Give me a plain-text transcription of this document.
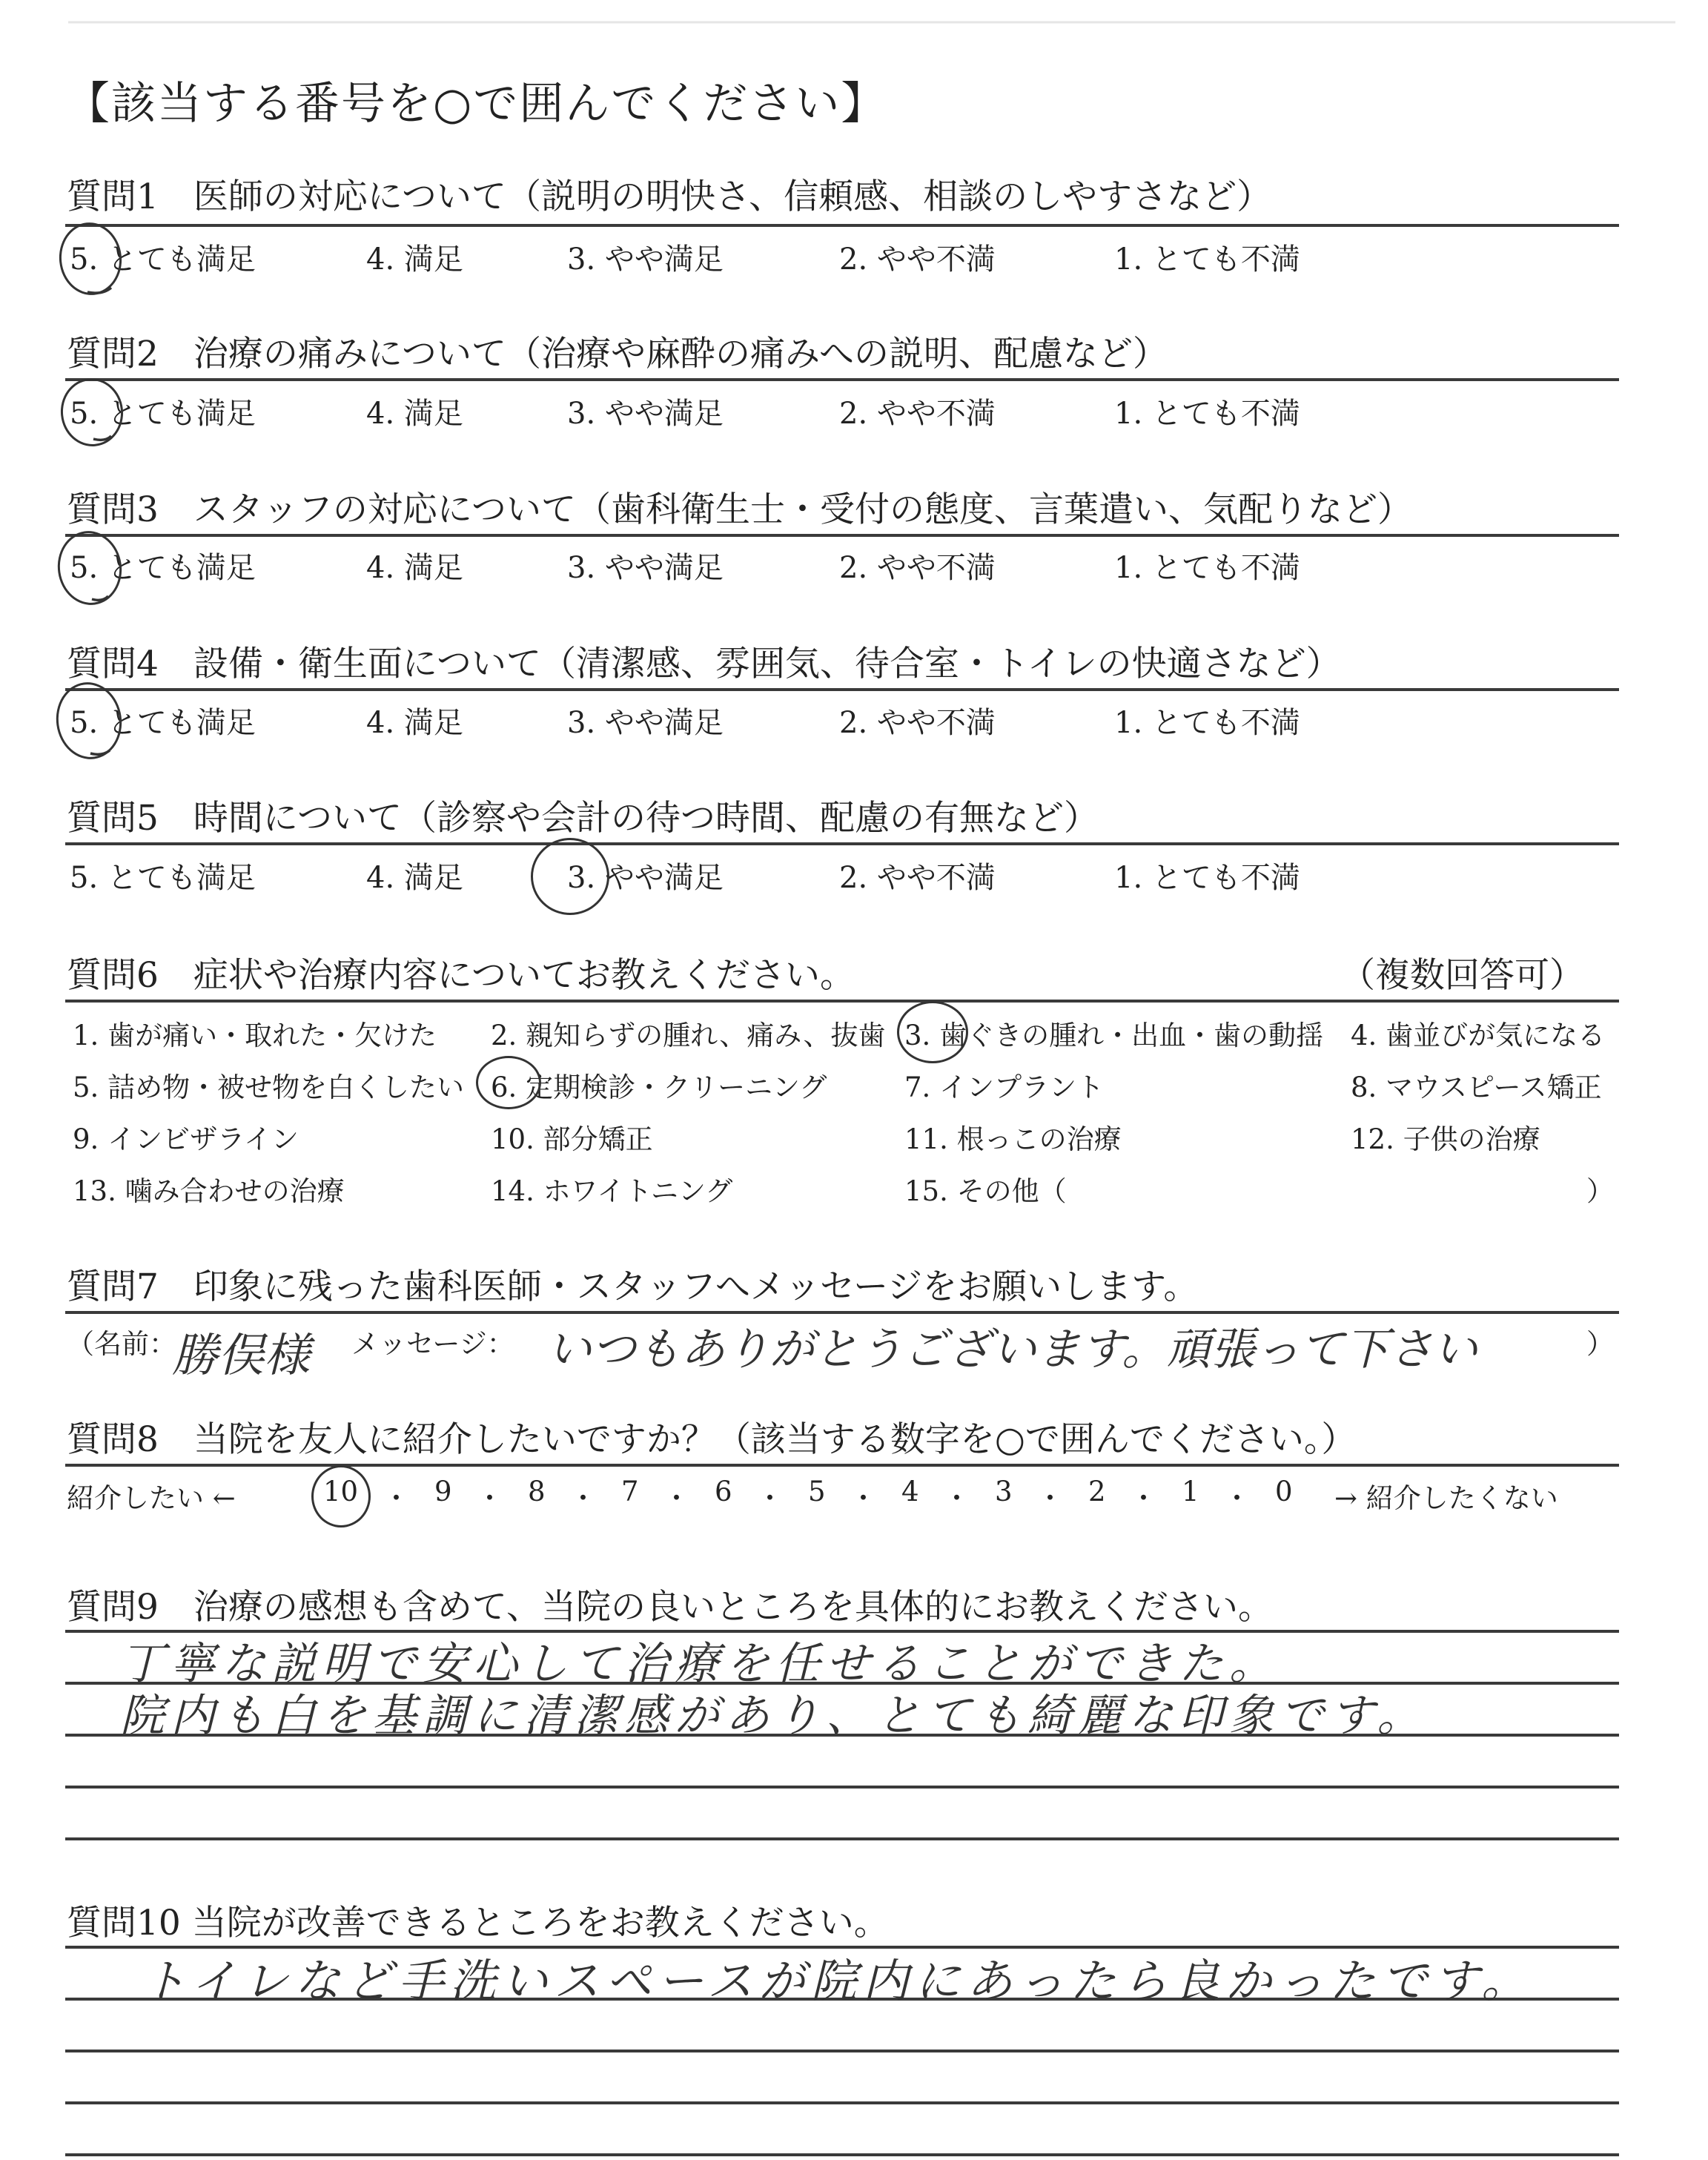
【該当する番号を○で囲んでください】
質問1　医師の対応について（説明の明快さ、信頼感、相談のしやすさなど）
5. とても満足	4. 満足	3. やや満足	2. やや不満	1. とても不満
質問2　治療の痛みについて（治療や麻酔の痛みへの説明、配慮など）
5. とても満足	4. 満足	3. やや満足	2. やや不満	1. とても不満
質問3　スタッフの対応について（歯科衛生士・受付の態度、言葉遣い、気配りなど）
5. とても満足	4. 満足	3. やや満足	2. やや不満	1. とても不満
質問4　設備・衛生面について（清潔感、雰囲気、待合室・トイレの快適さなど）
5. とても満足	4. 満足	3. やや満足	2. やや不満	1. とても不満
質問5　時間について（診察や会計の待つ時間、配慮の有無など）
5. とても満足	4. 満足	3. やや満足	2. やや不満	1. とても不満
質問6　症状や治療内容についてお教えください。	（複数回答可）
1. 歯が痛い・取れた・欠けた 2. 親知らずの腫れ、痛み、抜歯 3. 歯ぐきの腫れ・出血・歯の動揺 4. 歯並びが気になる
5. 詰め物・被せ物を白くしたい 6. 定期検診・クリーニング	7. インプラント	8. マウスピース矯正
9. インビザライン	10. 部分矯正	11. 根っこの治療	12. 子供の治療
13. 噛み合わせの治療	14. ホワイトニング	15. その他（	）
質問7　印象に残った歯科医師・スタッフへメッセージをお願いします。
（名前：
勝俣様 メッセージ： いつもありがとうございます。頑張って下さい	）
質問8　当院を友人に紹介したいですか？（該当する数字を○で囲んでください。）
紹介したい ←	10 ・ 9 ・ 8 ・ 7 ・ 6 ・ 5 ・ 4 ・ 3 ・ 2 ・ 1 ・ 0 → 紹介したくない
質問9　治療の感想も含めて、当院の良いところを具体的にお教えください。
丁寧な説明で安心して治療を任せることができた。
院内も白を基調に清潔感があり、とても綺麗な印象です。
質問10 当院が改善できるところをお教えください。
トイレなど手洗いスペースが院内にあったら良かったです。
